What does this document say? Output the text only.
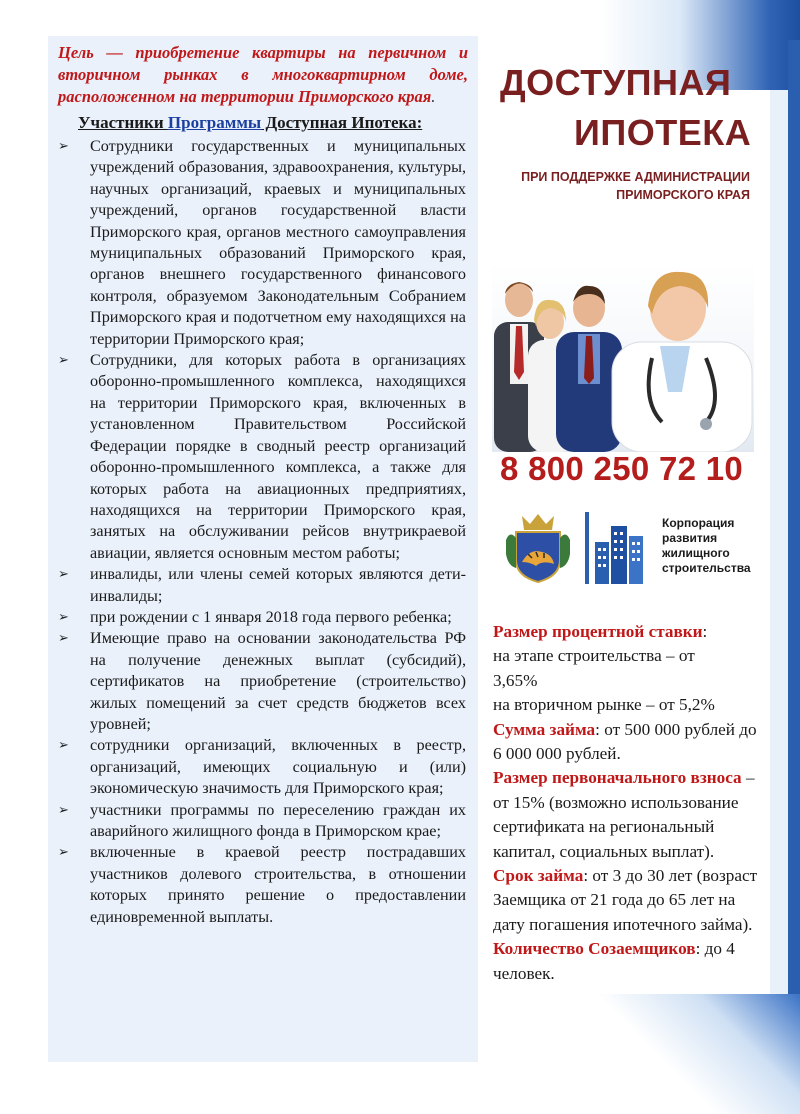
Цель — приобретение квартиры на первичном и вторичном рынках в многоквартирном доме, расположенном на территории Приморского края.

Участники Программы Доступная Ипотека:
➢ Сотрудники государственных и муниципальных учреждений образования, здравоохранения, культуры, научных организаций, краевых и муниципальных учреждений, органов государственной власти Приморского края, органов местного самоуправления муниципальных образований Приморского края, органов внешнего государственного финансового контроля, образуемом Законодательным Собранием Приморского края и подотчетном ему находящихся на территории Приморского края;
➢ Сотрудники, для которых работа в организациях оборонно-промышленного комплекса, находящихся на территории Приморского края, включенных в установленном Правительством Российской Федерации порядке в сводный реестр организаций оборонно-промышленного комплекса, а также для которых работа на авиационных предприятиях, находящихся на территории Приморского края, занятых на обслуживании рейсов внутрикраевой авиации, является основным местом работы;
➢ инвалиды, или члены семей которых являются дети-инвалиды;
➢ при рождении с 1 января 2018 года первого ребенка;
➢ Имеющие право на основании законодательства РФ на получение денежных выплат (субсидий), сертификатов на приобретение (строительство) жилых помещений за счет средств бюджетов всех уровней;
➢ сотрудники организаций, включенных в реестр, организаций, имеющих социальную и (или) экономическую значимость для Приморского края;
➢ участники программы по переселению граждан их аварийного жилищного фонда в Приморском крае;
➢ включенные в краевой реестр пострадавших участников долевого строительства, в отношении которых принято решение о предоставлении единовременной выплаты.
ДОСТУПНАЯ
ИПОТЕКА
ПРИ ПОДДЕРЖКЕ АДМИНИСТРАЦИИ
ПРИМОРСКОГО КРАЯ
8 800 250 72 10
Корпорация
развития
жилищного
строительства
Размер процентной ставки:
на этапе строительства – от
3,65%
на вторичном рынке – от 5,2%
Сумма займа: от 500 000 рублей до 6 000 000 рублей.
Размер первоначального взноса – от 15% (возможно использование сертификата на региональный капитал, социальных выплат).
Срок займа: от 3 до 30 лет (возраст Заемщика от 21 года до 65 лет на дату погашения ипотечного займа).
Количество Созаемщиков: до 4 человек.
